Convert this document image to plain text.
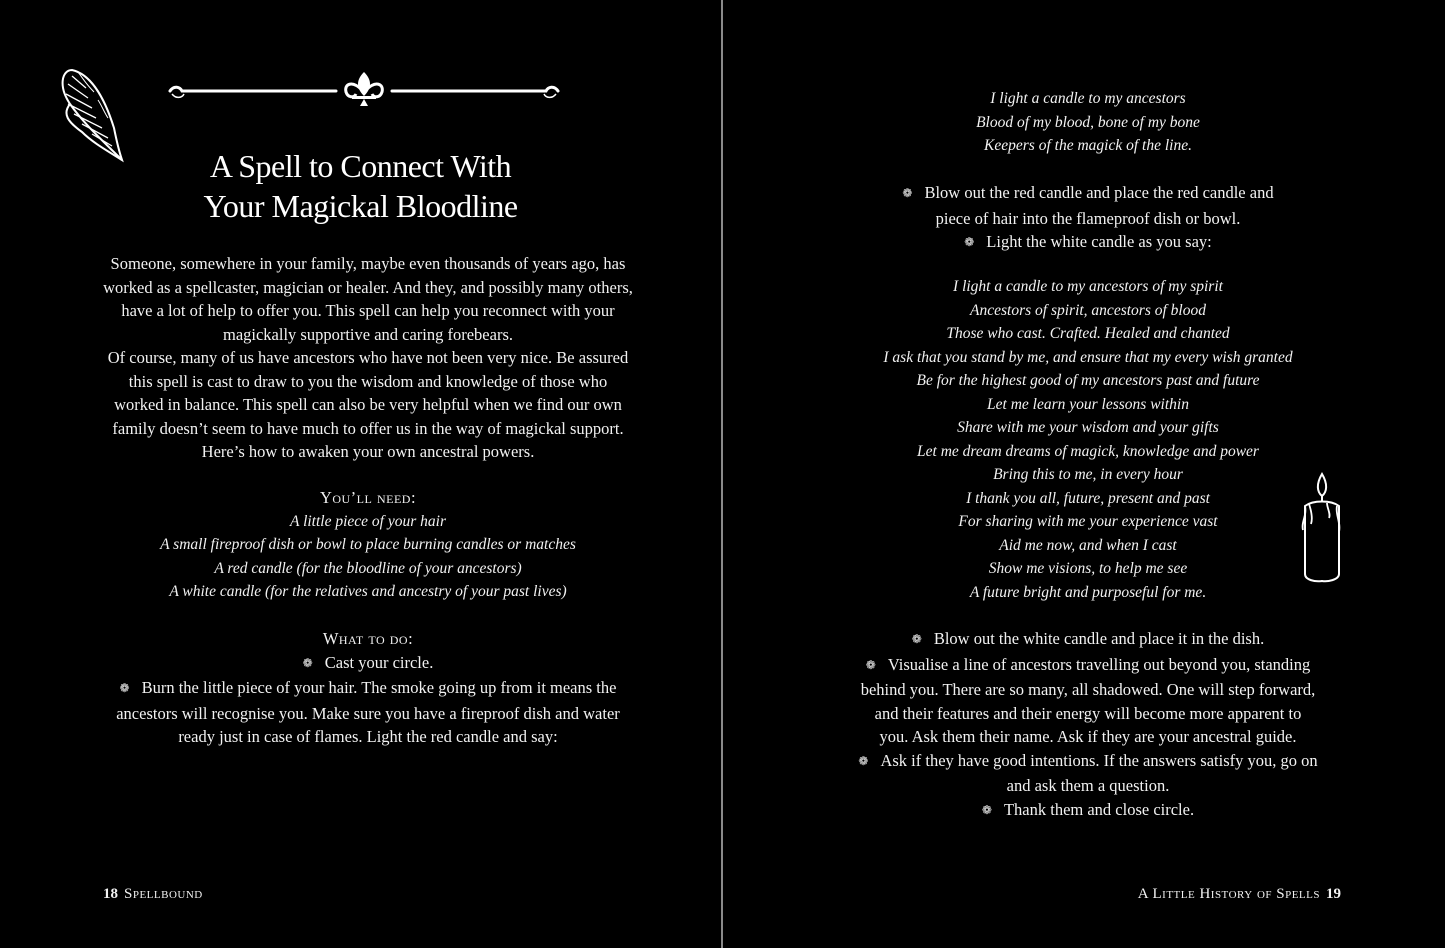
A Spell to Connect With
Your Magickal Bloodline
Someone, somewhere in your family, maybe even thousands of years ago, has
worked as a spellcaster, magician or healer. And they, and possibly many others,
have a lot of help to offer you. This spell can help you reconnect with your
magickally supportive and caring forebears.
Of course, many of us have ancestors who have not been very nice. Be assured
this spell is cast to draw to you the wisdom and knowledge of those who
worked in balance. This spell can also be very helpful when we find our own
family doesn’t seem to have much to offer us in the way of magickal support.
Here’s how to awaken your own ancestral powers.
You’ll need:
A little piece of your hair
A small fireproof dish or bowl to place burning candles or matches
A red candle (for the bloodline of your ancestors)
A white candle (for the relatives and ancestry of your past lives)
What to do:
❁ Cast your circle.
❁ Burn the little piece of your hair. The smoke going up from it means the
ancestors will recognise you. Make sure you have a fireproof dish and water
ready just in case of flames. Light the red candle and say:
18 Spellbound
I light a candle to my ancestors
Blood of my blood, bone of my bone
Keepers of the magick of the line.
❁ Blow out the red candle and place the red candle and
piece of hair into the flameproof dish or bowl.
❁ Light the white candle as you say:
I light a candle to my ancestors of my spirit
Ancestors of spirit, ancestors of blood
Those who cast. Crafted. Healed and chanted
I ask that you stand by me, and ensure that my every wish granted
Be for the highest good of my ancestors past and future
Let me learn your lessons within
Share with me your wisdom and your gifts
Let me dream dreams of magick, knowledge and power
Bring this to me, in every hour
I thank you all, future, present and past
For sharing with me your experience vast
Aid me now, and when I cast
Show me visions, to help me see
A future bright and purposeful for me.
❁ Blow out the white candle and place it in the dish.
❁ Visualise a line of ancestors travelling out beyond you, standing
behind you. There are so many, all shadowed. One will step forward,
and their features and their energy will become more apparent to
you. Ask them their name. Ask if they are your ancestral guide.
❁ Ask if they have good intentions. If the answers satisfy you, go on
and ask them a question.
❁ Thank them and close circle.
A Little History of Spells 19
